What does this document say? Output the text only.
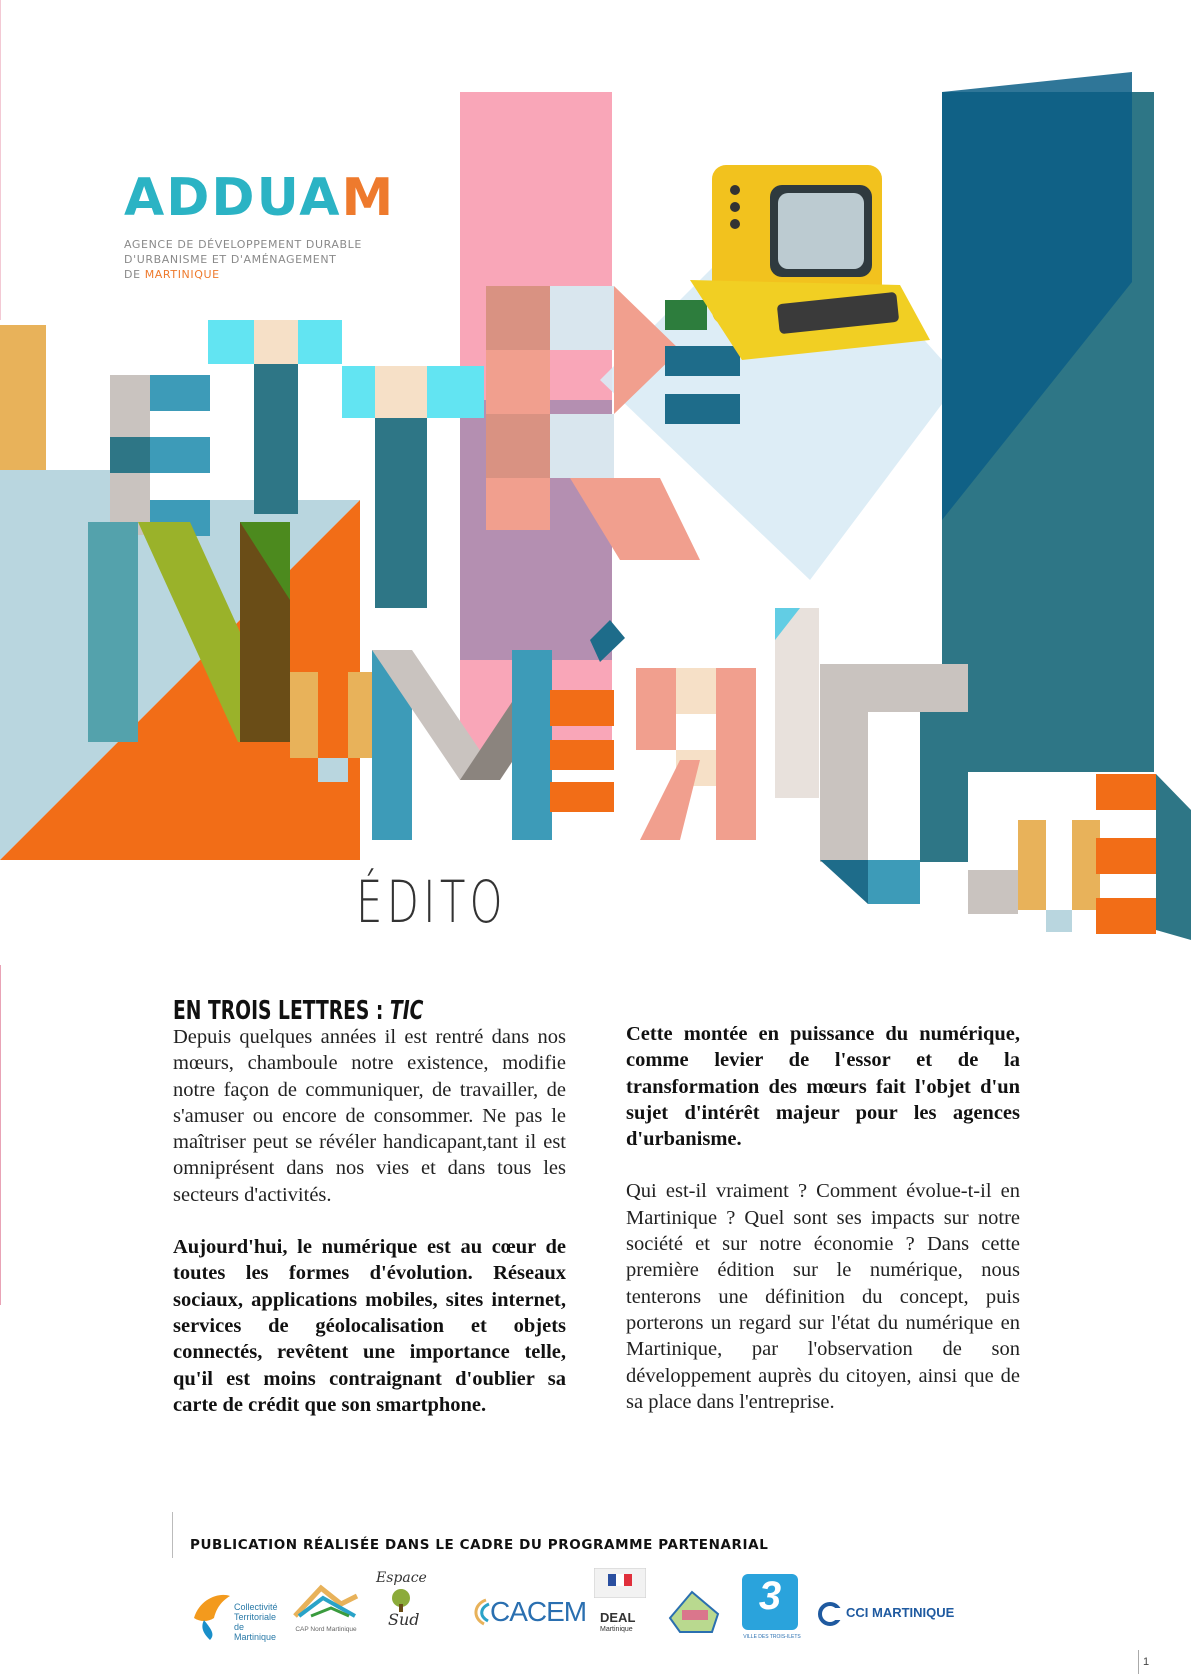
ADDUAM
AGENCE DE DÉVELOPPEMENT DURABLE
D'URBANISME ET D'AMÉNAGEMENT
DE MARTINIQUE
ÉDITO
EN TROIS LETTRES : TIC

Depuis quelques années il est rentré dans nos mœurs, chamboule notre existence, modifie notre façon de communiquer, de travailler, de s'amuser ou encore de consommer. Ne pas le maîtriser peut se révéler handicapant,tant il est omniprésent dans nos vies et dans tous les secteurs d'activités.

Aujourd'hui, le numérique est au cœur de toutes les formes d'évolution. Réseaux sociaux, applications mobiles, sites internet, services de géolocalisation et objets connectés, revêtent une importance telle, qu'il est moins contraignant d'oublier sa carte de crédit que son smartphone.

Cette montée en puissance du numérique, comme levier de l'essor et de la transformation des mœurs fait l'objet d'un sujet d'intérêt majeur pour les agences d'urbanisme.

Qui est-il vraiment ? Comment évolue-t-il en Martinique ? Quel sont ses impacts sur notre société et sur notre économie ? Dans cette première édition sur le numérique, nous tenterons une définition du concept, puis porterons un regard sur l'état du numérique en Martinique, par l'observation de son développement auprès du citoyen, ainsi que de sa place dans l'entreprise.

PUBLICATION RÉALISÉE DANS LE CADRE DU PROGRAMME PARTENARIAL
Collectivité
Territoriale
de Martinique
CAP Nord Martinique
Espace
Sud	CACEM DEAL
Martinique
3
VILLE DES TROIS-ILETS
CCI MARTINIQUE
1
